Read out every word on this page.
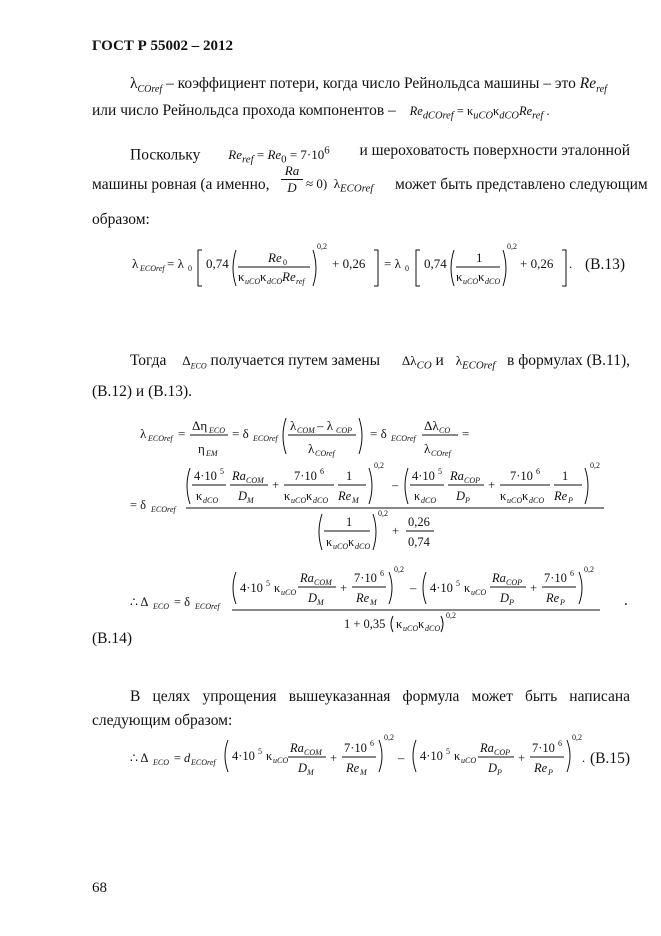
ГОСТ Р 55002 – 2012
$\lambda_{COref}$ – коэффициент потери, когда число Рейнольдса машины – это $Re_{ref}$
или число Рейнольдса прохода компонентов – $Re_{dCOref} = \kappa_{uCO}\kappa_{dCO}Re_{ref}$ .
Поскольку $Re_{ref} = Re_0 = 7\cdot 10^6$ и шероховатость поверхности эталонной
машины ровная (а именно,
Ra
D ≈ 0)  $\lambda_{ECOref}$ может быть представлено следующим
образом:
λ ECOref = λ 0 0,74	Re 0
κ uCO κ dCO Re ref
0,2
+ 0,26 = λ 0 0,74 1
κ uCO κ dCO
0,2
+ 0,26 . (B.13)
Тогда $\Delta_{ECO}$ получается путем замены $\Delta\lambda_{CO}$ и $\lambda_{ECOref}$ в формулах (B.11),
(B.12) и (B.13).
λ ECOref =
Δη ECO
η EM
= δ ECOref
λ COM – λ COP
λ COref
= δ ECOref
Δλ CO
λ COref
=
= δ ECOref
4·10 5
κ dCO
Ra COM
D M
+
7·10 6
κ uCO κ dCO
1
Re M
0,2
–
4·10 5
κ dCO
Ra COP
D P
+
7·10 6
κ uCO κ dCO
1
Re P
0,2
1
κ uCO κ dCO
0,2
+
0,26
0,74
∴ Δ ECO = δ ECOref
4·10 5 κ uCO
Ra COM
D M
+
7·10 6
Re M
0,2
– 4·10 5 κ uCO
Ra COP
D P
+
7·10 6
Re P
0,2
1 + 0,35 κ uCO κ dCO
0,2
.
(B.14)
В целях упрощения вышеуказанная формула может быть написана
следующим образом:
∴ Δ ECO = d ECOref 4·10 5 κ uCO
Ra COM
D M
+
7·10 6
Re M
0,2
– 4·10 5 κ uCO
Ra COP
D P
+
7·10 6
Re P
0,2
. (B.15)
68
